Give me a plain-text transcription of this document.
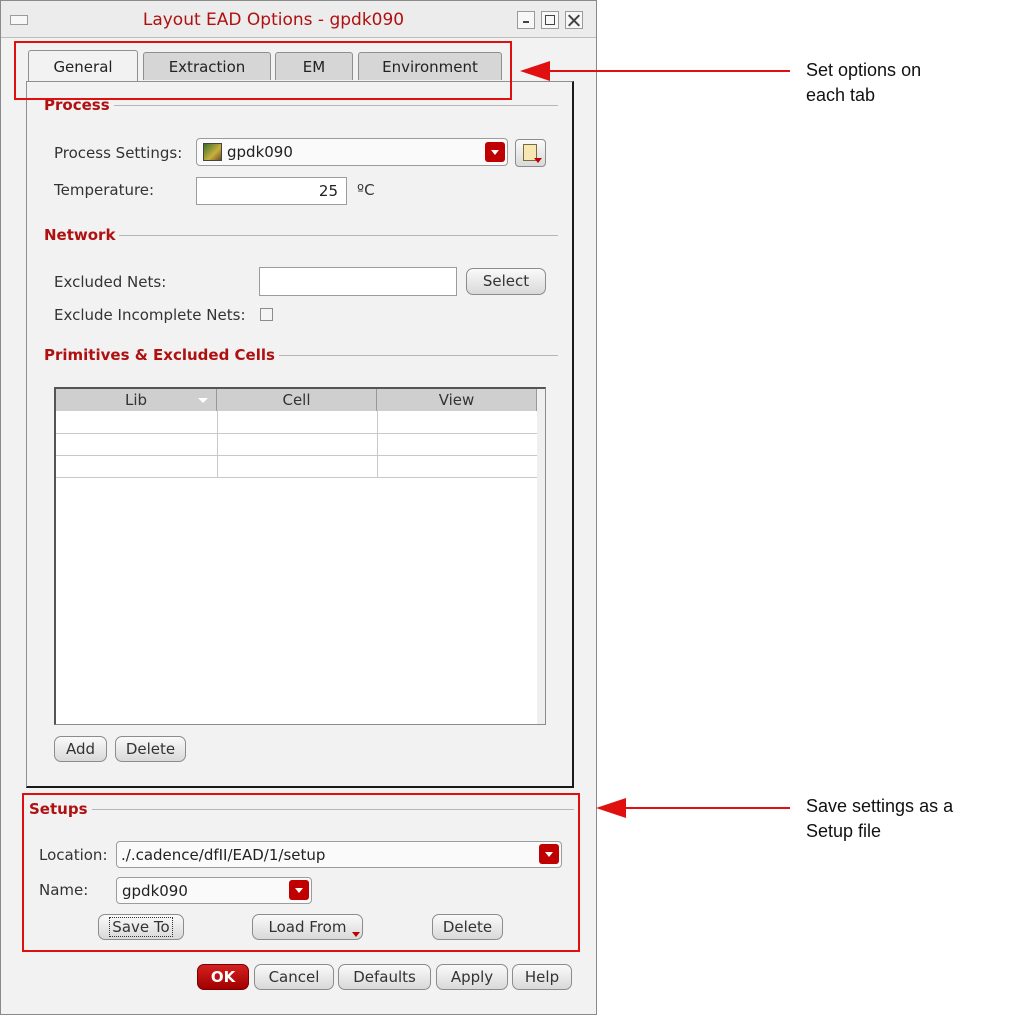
Layout EAD Options - gpdk090
General	Extraction	EM	Environment
Process
Process Settings:	gpdk090
Temperature:	25 ºC
Network
Excluded Nets:	Select
Exclude Incomplete Nets:
Primitives & Excluded Cells
Lib	Cell	View
Add	Delete
Setups
Location: ./.cadence/dfII/EAD/1/setup
Name: gpdk090
Save To	Load From	Delete
OK	Cancel	Defaults	Apply	Help
Set options on
each tab
Save settings as a
Setup file
